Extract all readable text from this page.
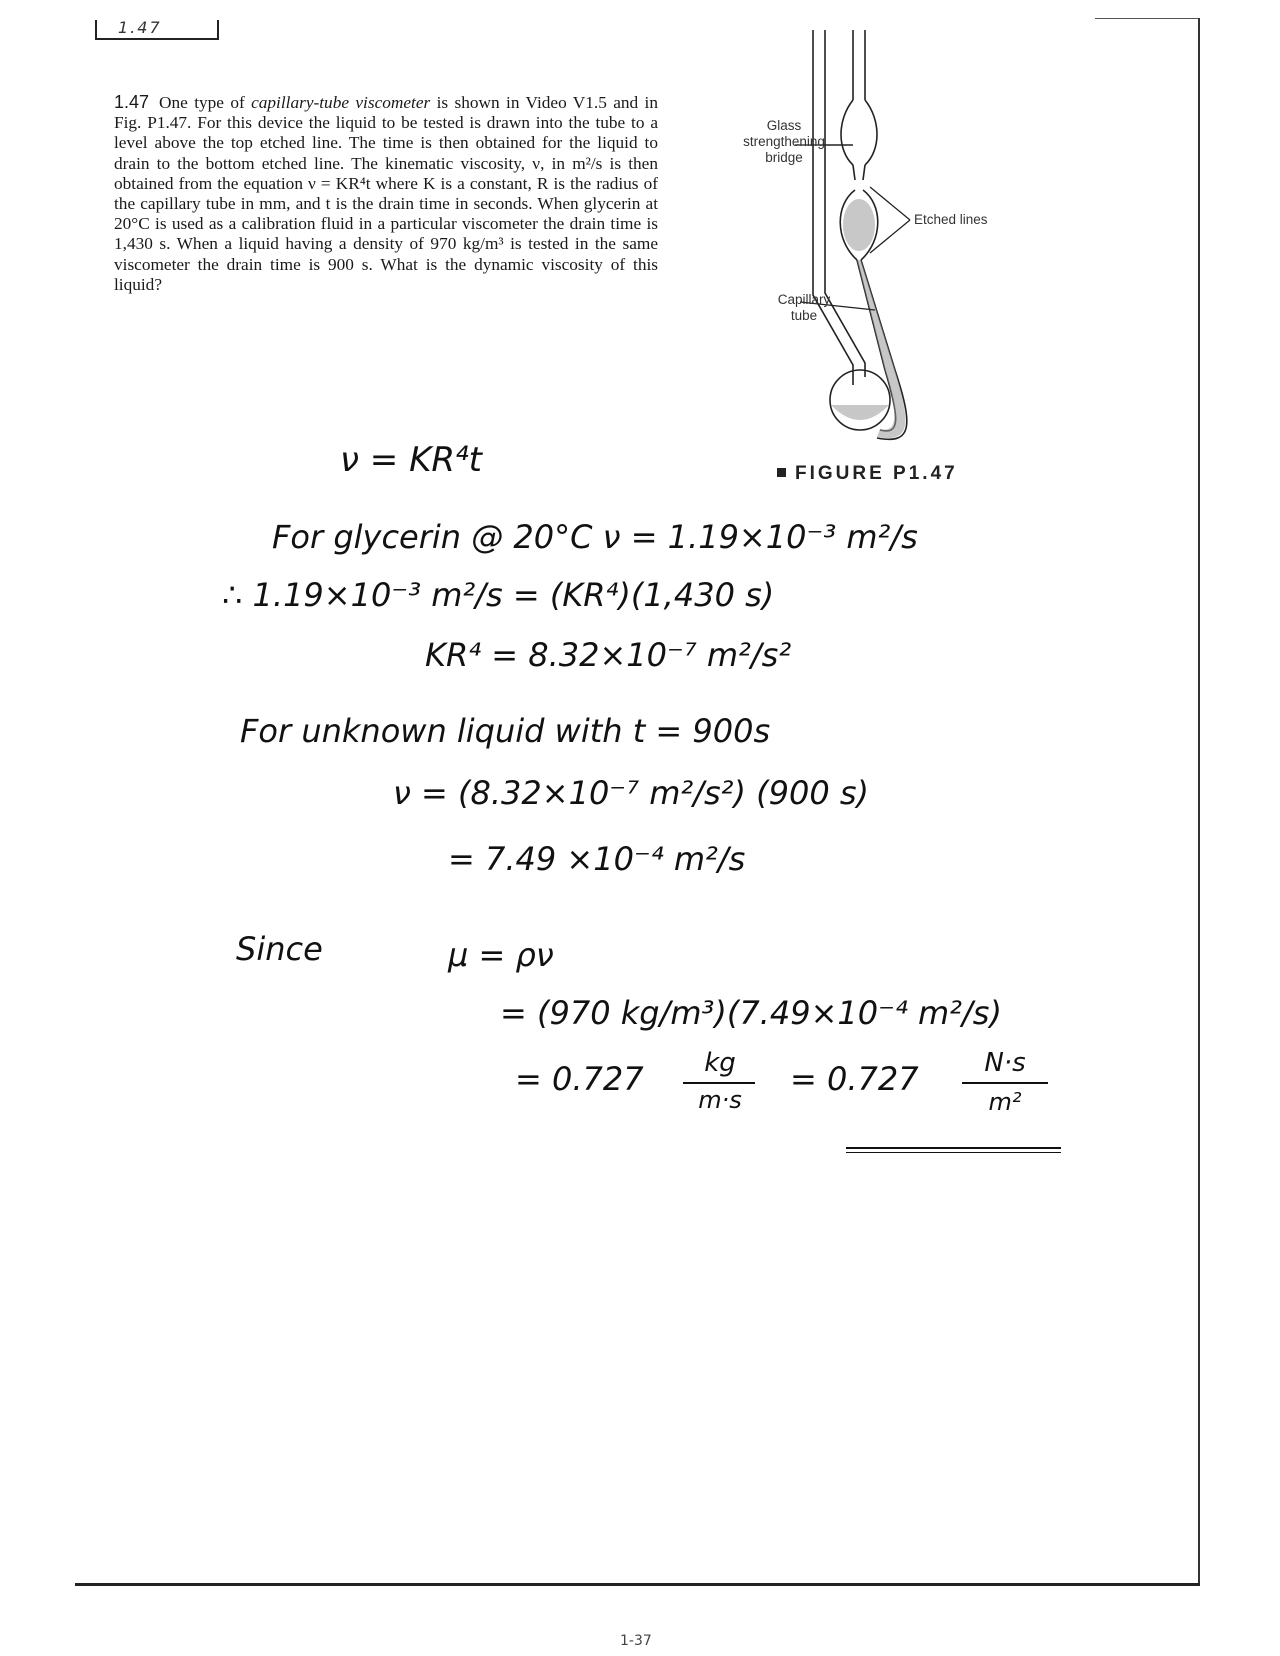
1.47
1.47 One type of capillary-tube viscometer is shown in Video V1.5 and in Fig. P1.47. For this device the liquid to be tested is drawn into the tube to a level above the top etched line. The time is then obtained for the liquid to drain to the bottom etched line. The kinematic viscosity, ν, in m²/s is then obtained from the equation ν = KR⁴t where K is a constant, R is the radius of the capillary tube in mm, and t is the drain time in seconds. When glycerin at 20°C is used as a calibration fluid in a particular viscometer the drain time is 1,430 s. When a liquid having a density of 970 kg/m³ is tested in the same viscometer the drain time is 900 s. What is the dynamic viscosity of this liquid?
Glass strengthening bridge
Etched lines
Capillary tube
FIGURE P1.47
ν = KR⁴t
For glycerin @ 20°C ν = 1.19×10⁻³ m²/s
∴ 1.19×10⁻³ m²/s = (KR⁴)(1,430 s)
KR⁴ = 8.32×10⁻⁷ m²/s²
For unknown liquid with t = 900s
ν = (8.32×10⁻⁷ m²/s²) (900 s)
= 7.49 ×10⁻⁴ m²/s
Since	μ = ρν
= (970 kg/m³)(7.49×10⁻⁴ m²/s)
= 0.727	kg
m·s
= 0.727	N·s
m²
1-37
